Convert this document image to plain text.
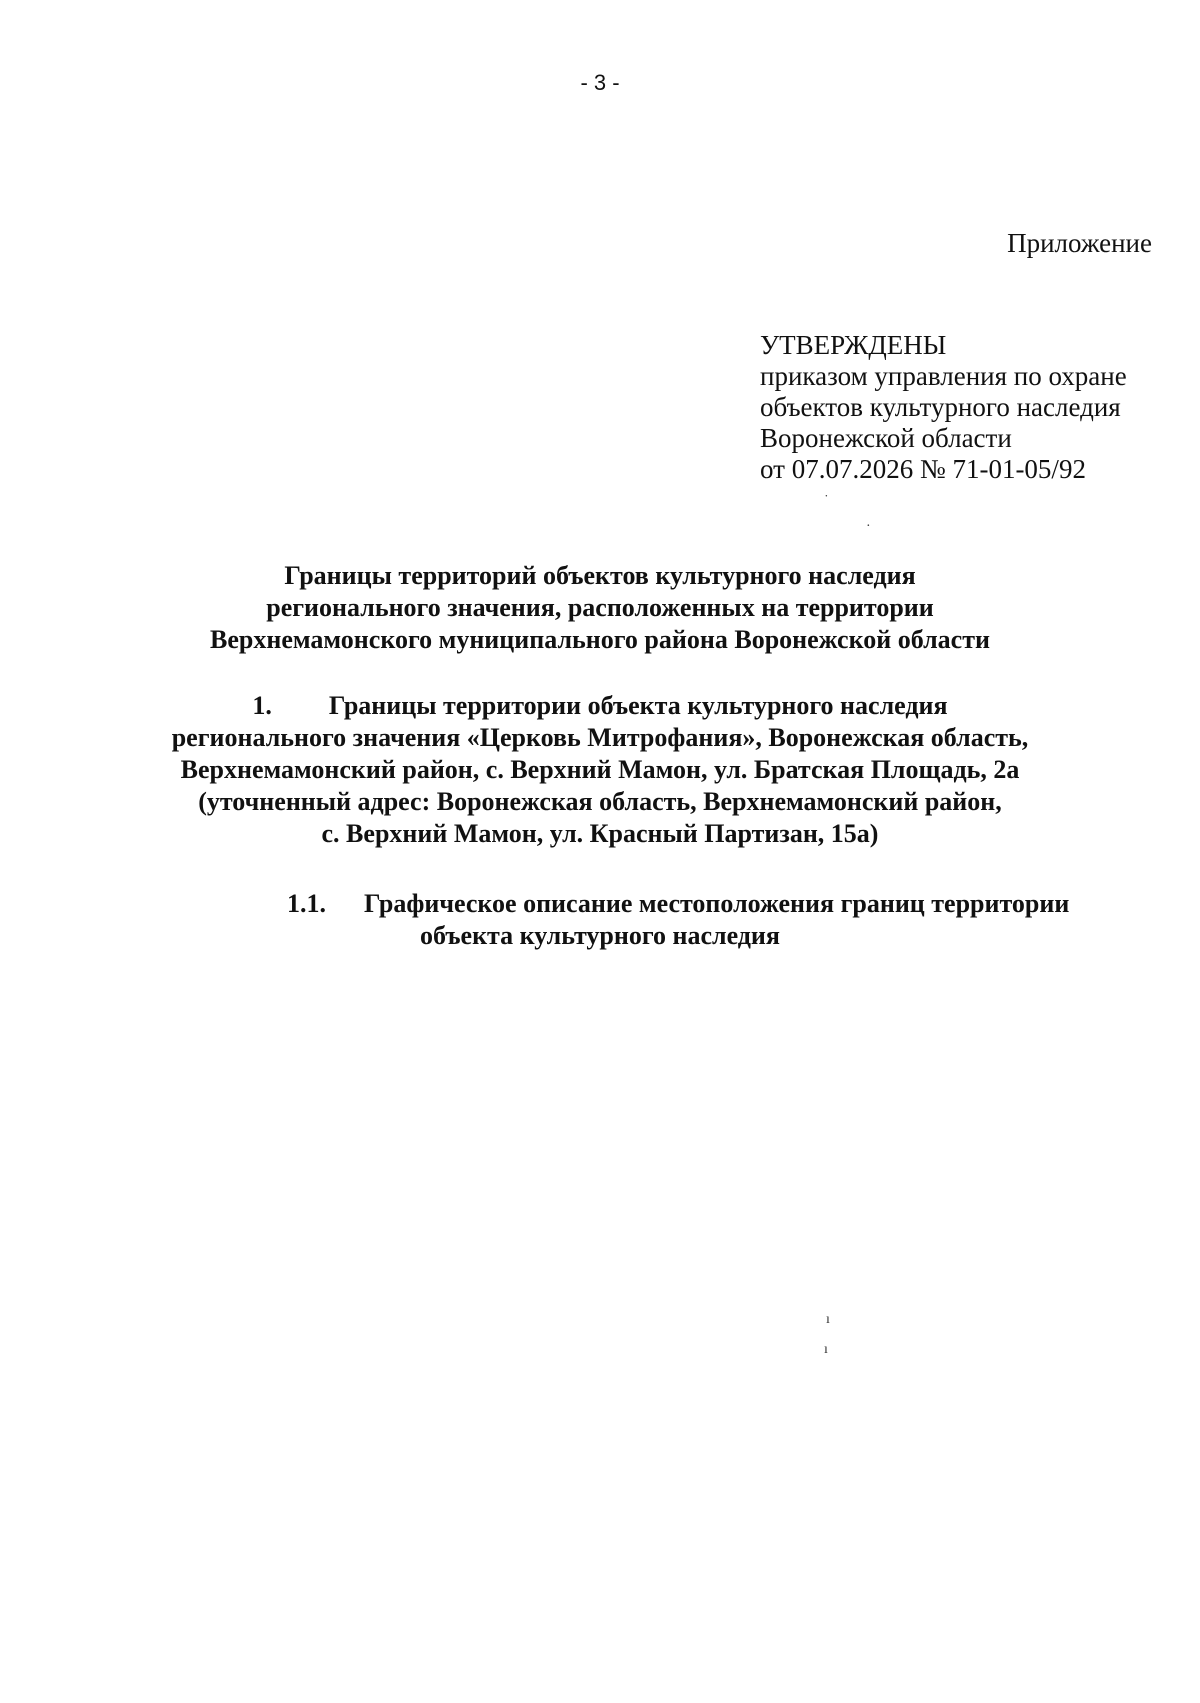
- 3 -
Приложение
УТВЕРЖДЕНЫ
приказом управления по охране
объектов культурного наследия
Воронежской области
от 07.07.2026 № 71-01-05/92
Границы территорий объектов культурного наследия
регионального значения, расположенных на территории
Верхнемамонского муниципального района Воронежской области
1. Границы территории объекта культурного наследия
регионального значения «Церковь Митрофания», Воронежская область,
Верхнемамонский район, с. Верхний Мамон, ул. Братская Площадь, 2а
(уточненный адрес: Воронежская область, Верхнемамонский район,
с. Верхний Мамон, ул. Красный Партизан, 15а)
1.1. Графическое описание местоположения границ территории
объекта культурного наследия
˙
·
ı
ı
